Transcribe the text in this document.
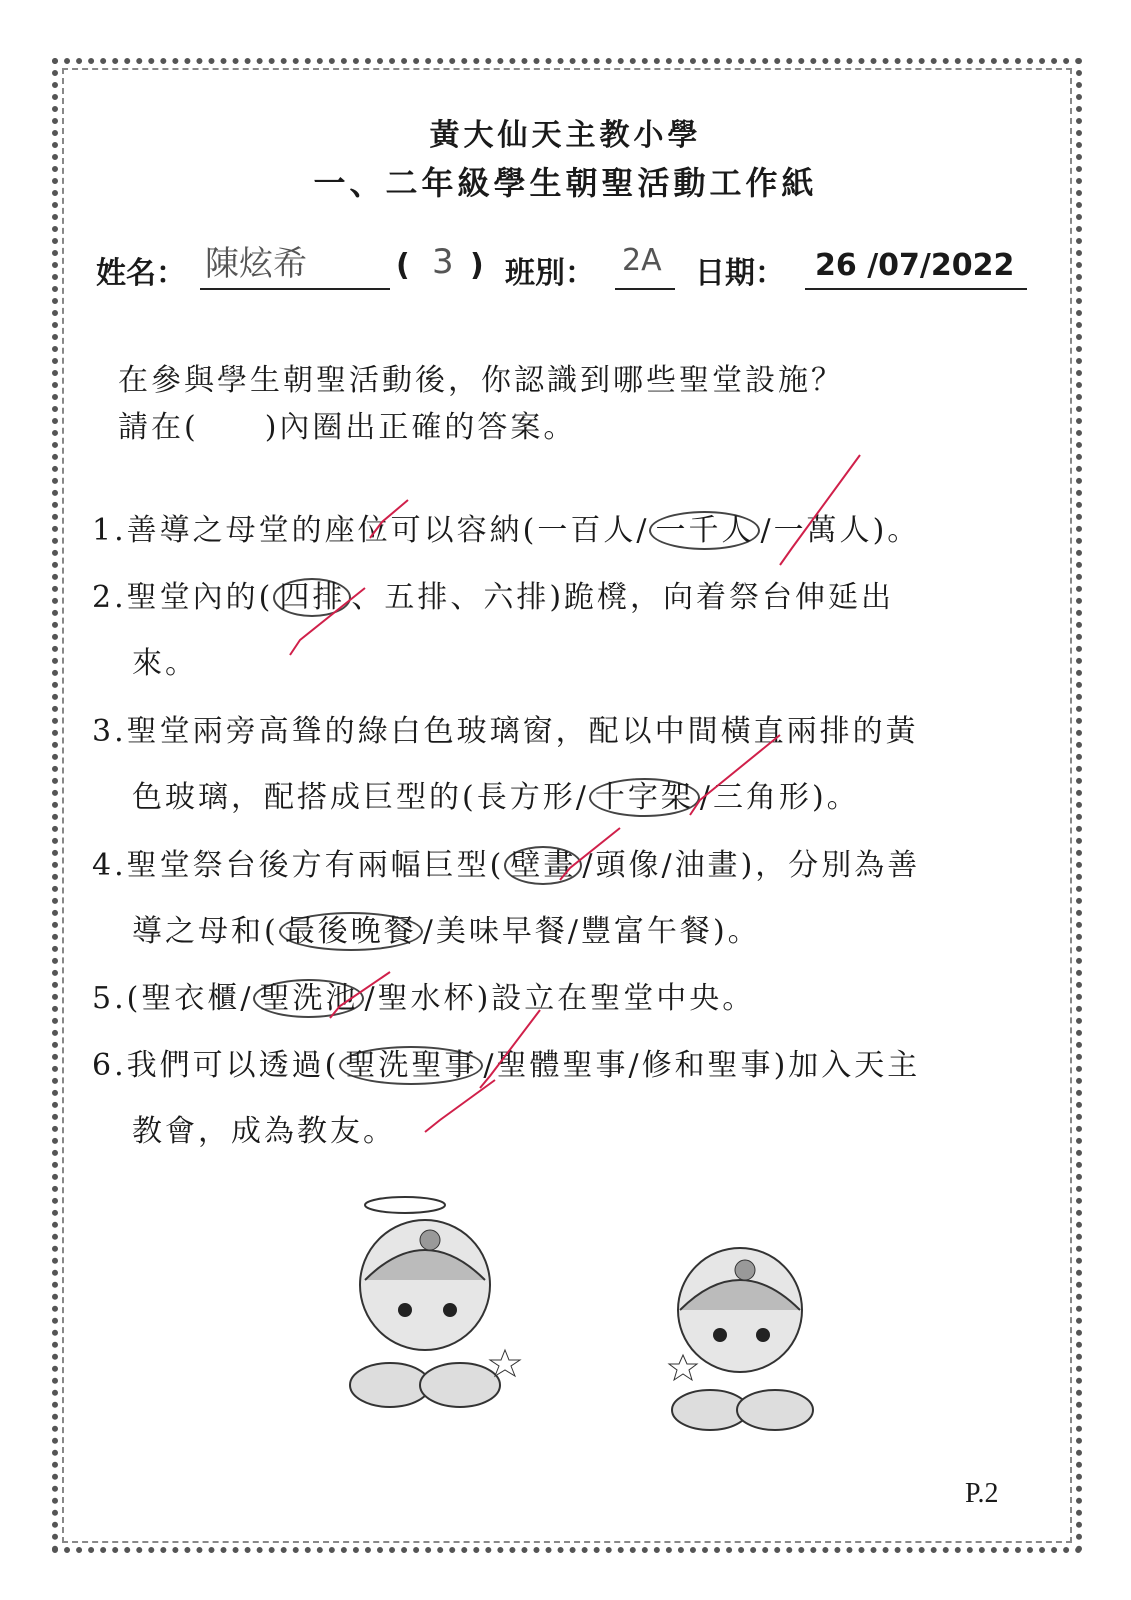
黃大仙天主教小學
一、二年級學生朝聖活動工作紙
姓名： 陳炫希	( 3 ) 班別： 2A 日期： 26 /07/2022
在參與學生朝聖活動後，你認識到哪些聖堂設施？
請在(　　)內圈出正確的答案。
1.善導之母堂的座位可以容納(一百人/ 一千人 /一萬人)。
2.聖堂內的( 四排 、五排、六排)跪櫈，向着祭台伸延出
來。
3.聖堂兩旁高聳的綠白色玻璃窗，配以中間橫直兩排的黃
色玻璃，配搭成巨型的(長方形/ 十字架 /三角形)。
4.聖堂祭台後方有兩幅巨型( 壁畫 /頭像/油畫)，分別為善
導之母和( 最後晚餐 /美味早餐/豐富午餐)。
5.(聖衣櫃/ 聖洗池 /聖水杯)設立在聖堂中央。
6.我們可以透過( 聖洗聖事 /聖體聖事/修和聖事)加入天主
教會，成為教友。
P.2
